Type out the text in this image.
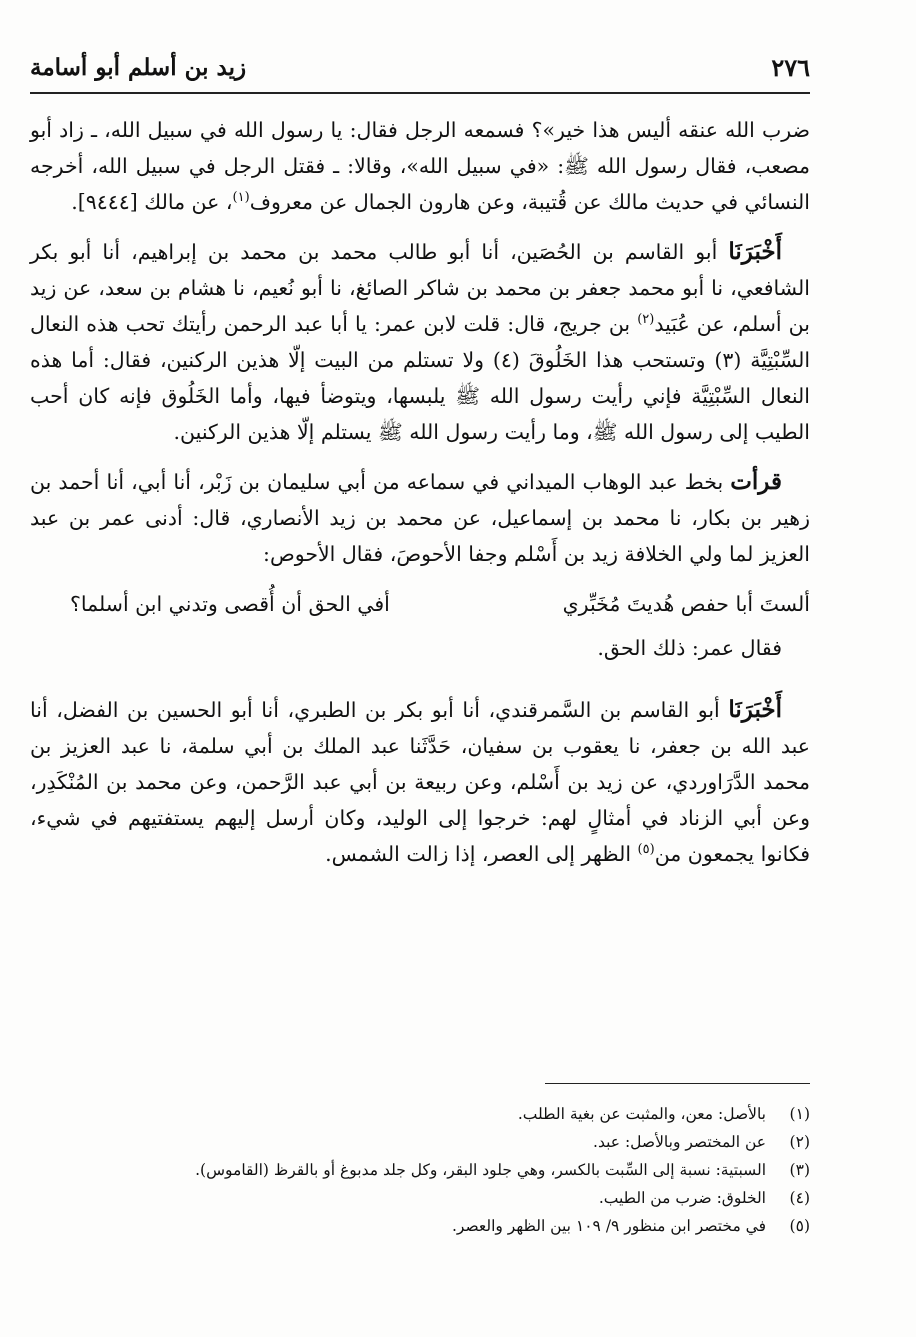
٢٧٦
زيد بن أسلم أبو أسامة

ضرب الله عنقه أليس هذا خير»؟ فسمعه الرجل فقال: يا رسول الله في سبيل الله، ـ زاد أبو مصعب، فقال رسول الله ﷺ: «في سبيل الله»، وقالا: ـ فقتل الرجل في سبيل الله، أخرجه النسائي في حديث مالك عن قُتيبة، وعن هارون الجمال عن معروف$^{(١)}$، عن مالك [٩٤٤٤].

أَخْبَرَنَا أبو القاسم بن الحُصَين، أنا أبو طالب محمد بن محمد بن إبراهيم، أنا أبو بكر الشافعي، نا أبو محمد جعفر بن محمد بن شاكر الصائغ، نا أبو نُعيم، نا هشام بن سعد، عن زيد بن أسلم، عن عُبَيد$^{(٢)}$ بن جريج، قال: قلت لابن عمر: يا أبا عبد الرحمن رأيتك تحب هذه النعال السِّبْتِيَّة (٣) وتستحب هذا الخَلُوقَ (٤) ولا تستلم من البيت إلّا هذين الركنين، فقال: أما هذه النعال السِّبْتِيَّة فإني رأيت رسول الله ﷺ يلبسها، ويتوضأ فيها، وأما الخَلُوق فإنه كان أحب الطيب إلى رسول الله ﷺ، وما رأيت رسول الله ﷺ يستلم إلّا هذين الركنين.

قرأت بخط عبد الوهاب الميداني في سماعه من أبي سليمان بن زَبْر، أنا أبي، أنا أحمد بن زهير بن بكار، نا محمد بن إسماعيل، عن محمد بن زيد الأنصاري، قال: أدنى عمر بن عبد العزيز لما ولي الخلافة زيد بن أَسْلم وجفا الأحوصَ، فقال الأحوص:

ألستَ أبا حفص هُديتَ مُخَبِّري
أفي الحق أن أُقصى وتدني ابن أسلما؟

فقال عمر: ذلك الحق.

أَخْبَرَنَا أبو القاسم بن السَّمرقندي، أنا أبو بكر بن الطبري، أنا أبو الحسين بن الفضل، أنا عبد الله بن جعفر، نا يعقوب بن سفيان، حَدَّثَنا عبد الملك بن أبي سلمة، نا عبد العزيز بن محمد الدَّرَاوردي، عن زيد بن أَسْلم، وعن ربيعة بن أبي عبد الرَّحمن، وعن محمد بن المُنْكَدِر، وعن أبي الزناد في أمثالٍ لهم: خرجوا إلى الوليد، وكان أرسل إليهم يستفتيهم في شيء، فكانوا يجمعون من$^{(٥)}$ الظهر إلى العصر، إذا زالت الشمس.

(١)
بالأصل: معن، والمثبت عن بغية الطلب.
(٢)
عن المختصر وبالأصل: عبد.
(٣)
السبتية: نسبة إلى السِّبت بالكسر، وهي جلود البقر، وكل جلد مدبوغ أو بالقرظ (القاموس).
(٤)
الخلوق: ضرب من الطيب.
(٥)
في مختصر ابن منظور ٩/ ١٠٩ بين الظهر والعصر.
